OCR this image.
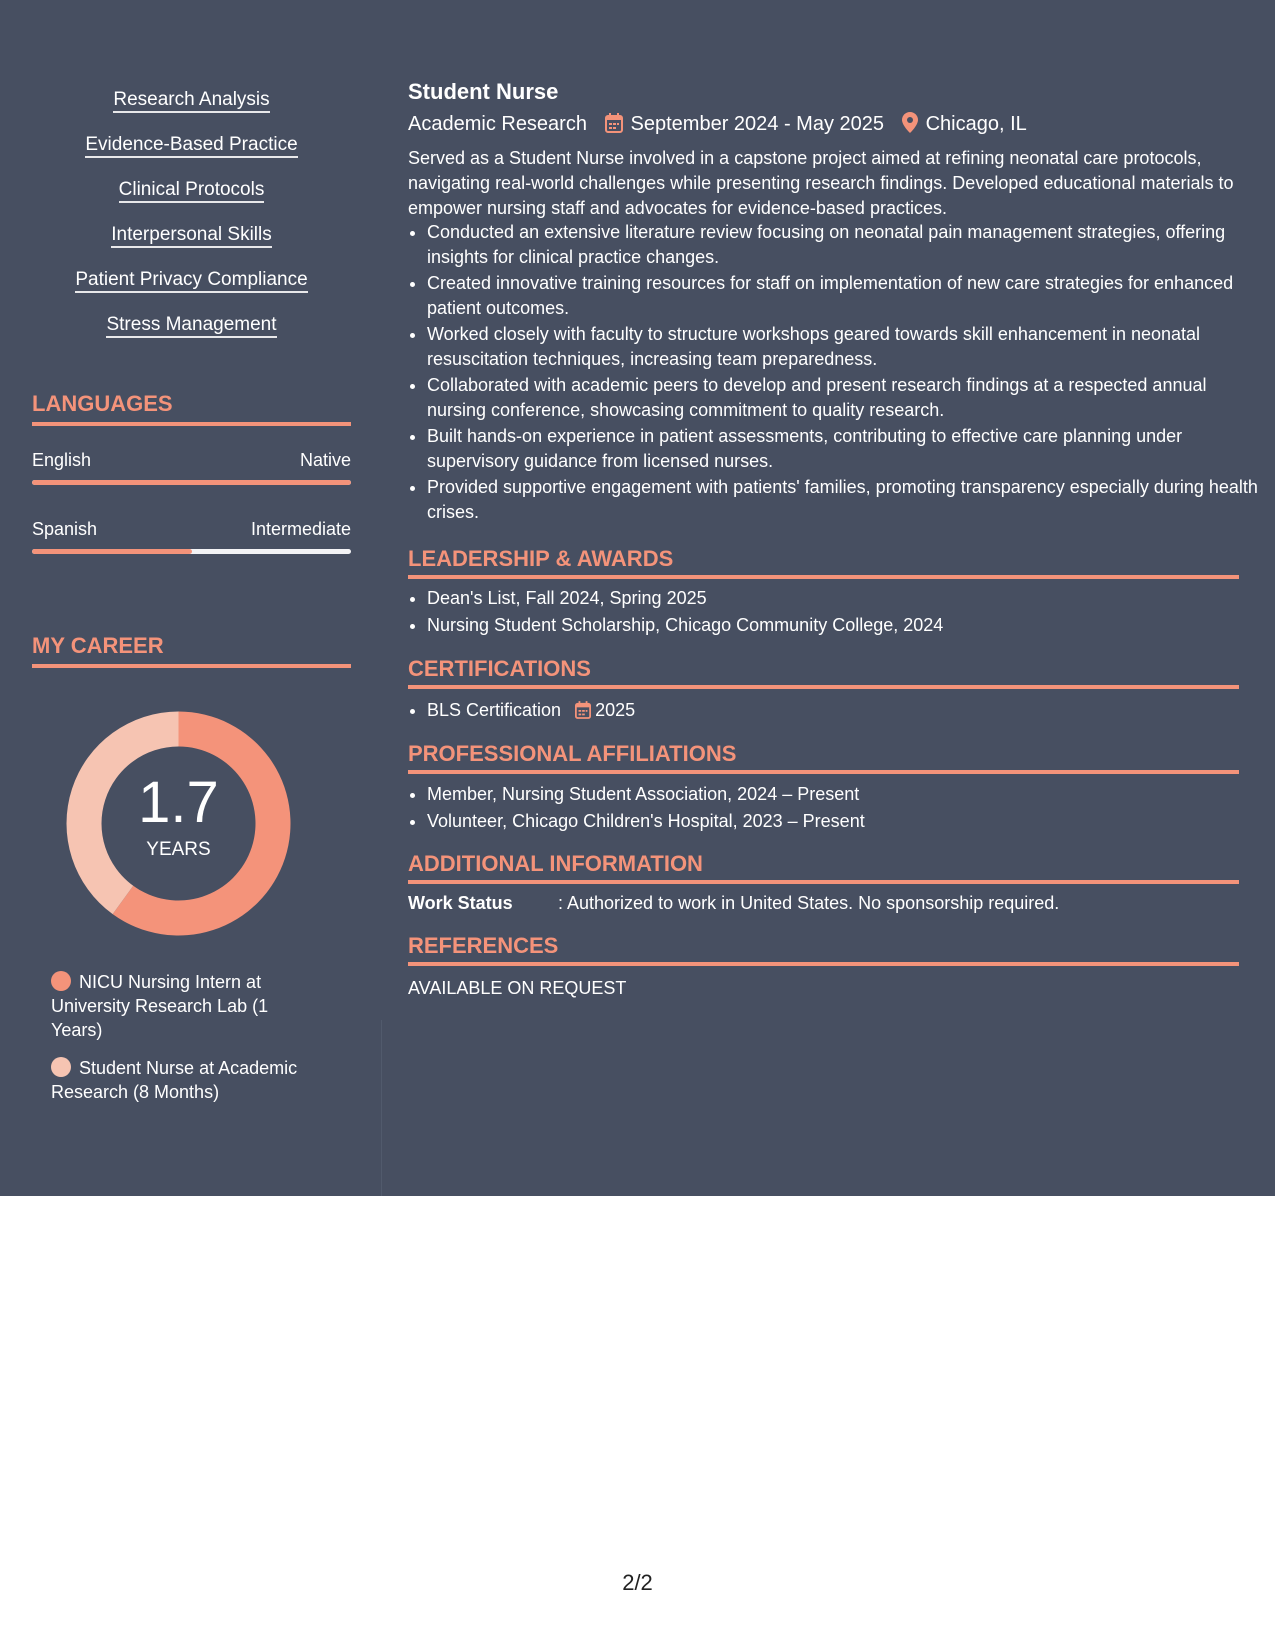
Research Analysis
Evidence-Based Practice
Clinical Protocols
Interpersonal Skills
Patient Privacy Compliance
Stress Management
LANGUAGES
English	Native
Spanish	Intermediate
MY CAREER
1.7
YEARS
NICU Nursing Intern at University Research Lab (1 Years)
Student Nurse at Academic Research (8 Months)
Student Nurse
Academic Research September 2024 - May 2025 Chicago, IL
Served as a Student Nurse involved in a capstone project aimed at refining neonatal care protocols, navigating real-world challenges while presenting research findings. Developed educational materials to empower nursing staff and advocates for evidence-based practices.
• Conducted an extensive literature review focusing on neonatal pain management strategies, offering insights for clinical practice changes.
• Created innovative training resources for staff on implementation of new care strategies for enhanced patient outcomes.
• Worked closely with faculty to structure workshops geared towards skill enhancement in neonatal resuscitation techniques, increasing team preparedness.
• Collaborated with academic peers to develop and present research findings at a respected annual nursing conference, showcasing commitment to quality research.
• Built hands-on experience in patient assessments, contributing to effective care planning under supervisory guidance from licensed nurses.
• Provided supportive engagement with patients' families, promoting transparency especially during health crises.
LEADERSHIP & AWARDS
• Dean's List, Fall 2024, Spring 2025
• Nursing Student Scholarship, Chicago Community College, 2024
CERTIFICATIONS
• BLS Certification 2025
PROFESSIONAL AFFILIATIONS
• Member, Nursing Student Association, 2024 – Present
• Volunteer, Chicago Children's Hospital, 2023 – Present
ADDITIONAL INFORMATION
Work Status	: Authorized to work in United States. No sponsorship required.
REFERENCES
AVAILABLE ON REQUEST
2/2
